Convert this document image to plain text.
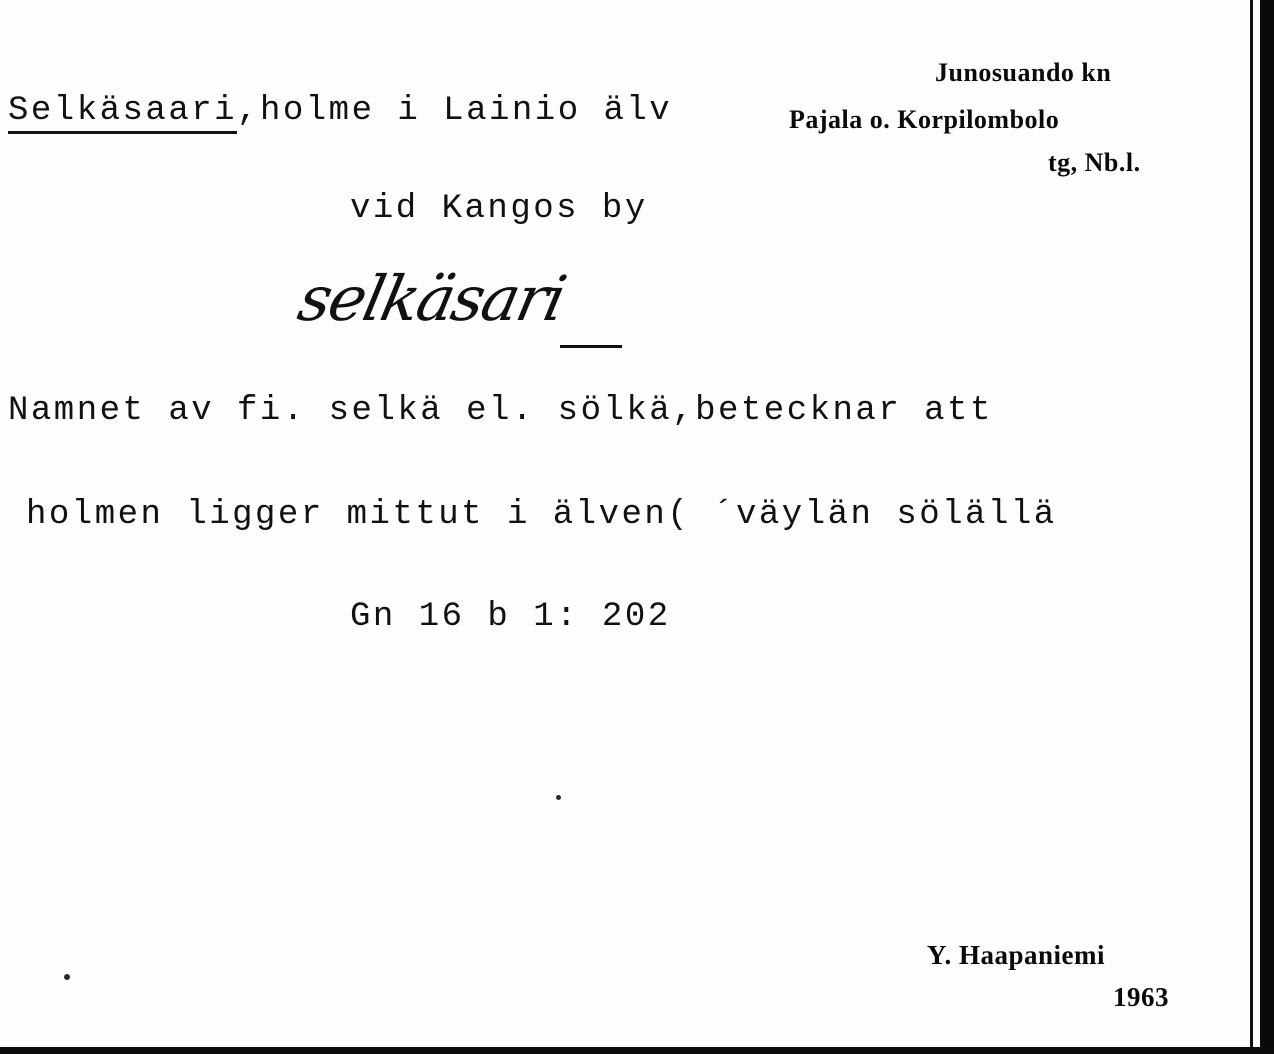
Junosuando kn
Pajala o. Korpilombolo
tg, Nb.l.
Selkäsaari,holme i Lainio älv
vid Kangos by
selkäsari
Namnet av fi. selkä el. sölkä,betecknar att
holmen ligger mittut i älven( ´väylän sölällä
Gn 16 b 1: 202
Y. Haapaniemi
1963
